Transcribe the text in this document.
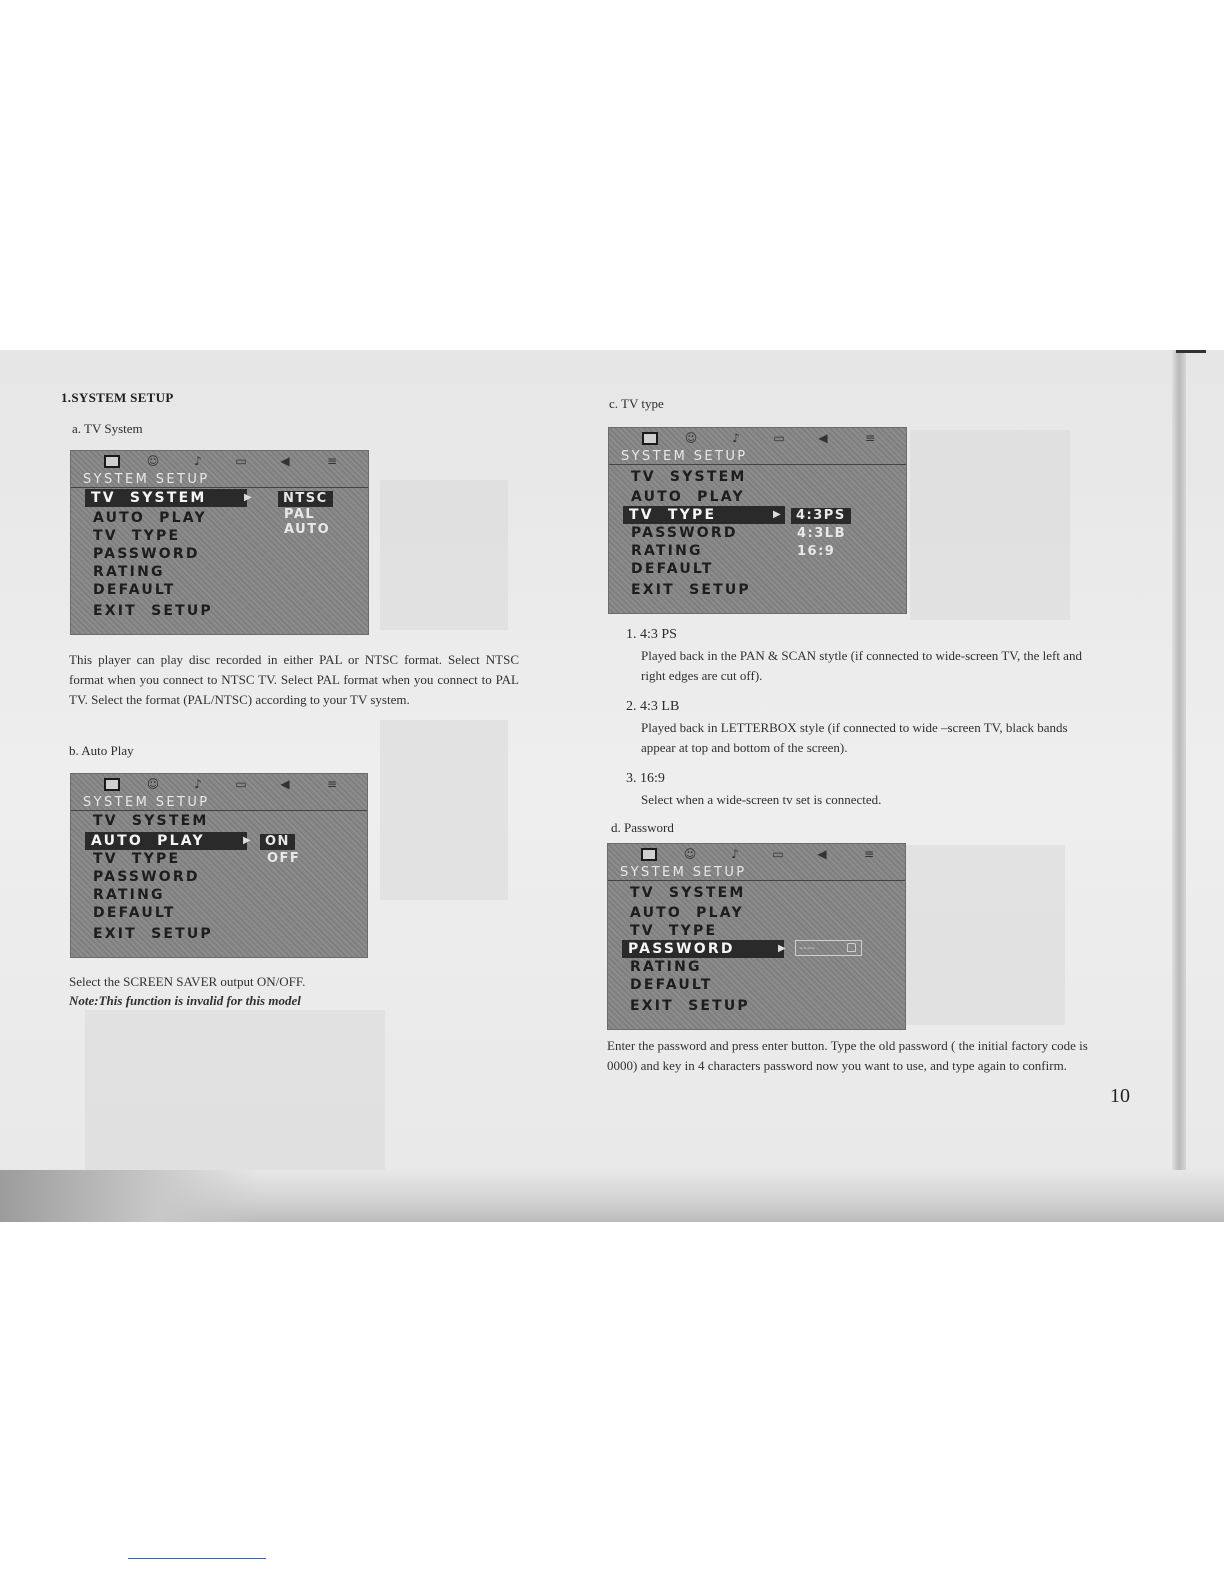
1.SYSTEM SETUP
a. TV System
☺	♪	▭	◀	≡
SYSTEM SETUP
TV  SYSTEM	▶	NTSC
PAL
AUTO
AUTO  PLAY
TV  TYPE
PASSWORD
RATING
DEFAULT
EXIT  SETUP
This player can play disc recorded in either PAL or NTSC format. Select NTSC format when you connect to NTSC TV. Select PAL format when you connect to PAL TV. Select the format (PAL/NTSC) according to your TV system.
b. Auto Play
☺	♪	▭	◀	≡
SYSTEM SETUP
TV  SYSTEM
AUTO  PLAY	▶	ON
OFF
TV  TYPE
PASSWORD
RATING
DEFAULT
EXIT  SETUP
Select the SCREEN SAVER output ON/OFF.
Note:This function is invalid for this model
c. TV type
☺	♪	▭	◀	≡
SYSTEM SETUP
TV  SYSTEM
AUTO  PLAY
TV  TYPE	▶	4:3PS
4:3LB
16:9
PASSWORD
RATING
DEFAULT
EXIT  SETUP
1. 4:3 PS
Played back in the PAN & SCAN stytle (if connected to wide-screen TV, the left and right edges are cut off).
2. 4:3 LB
Played back in LETTERBOX style (if connected to wide –screen TV, black bands appear at top and bottom of the screen).
3. 16:9
Select when a wide-screen tv set is connected.
d. Password
☺	♪	▭	◀	≡
SYSTEM SETUP
TV  SYSTEM
AUTO  PLAY
TV  TYPE
PASSWORD	▶	----
RATING
DEFAULT
EXIT  SETUP
Enter the password and press enter button. Type the old password ( the initial factory code is 0000) and key in 4 characters password now you want to use, and type again to confirm.
10
